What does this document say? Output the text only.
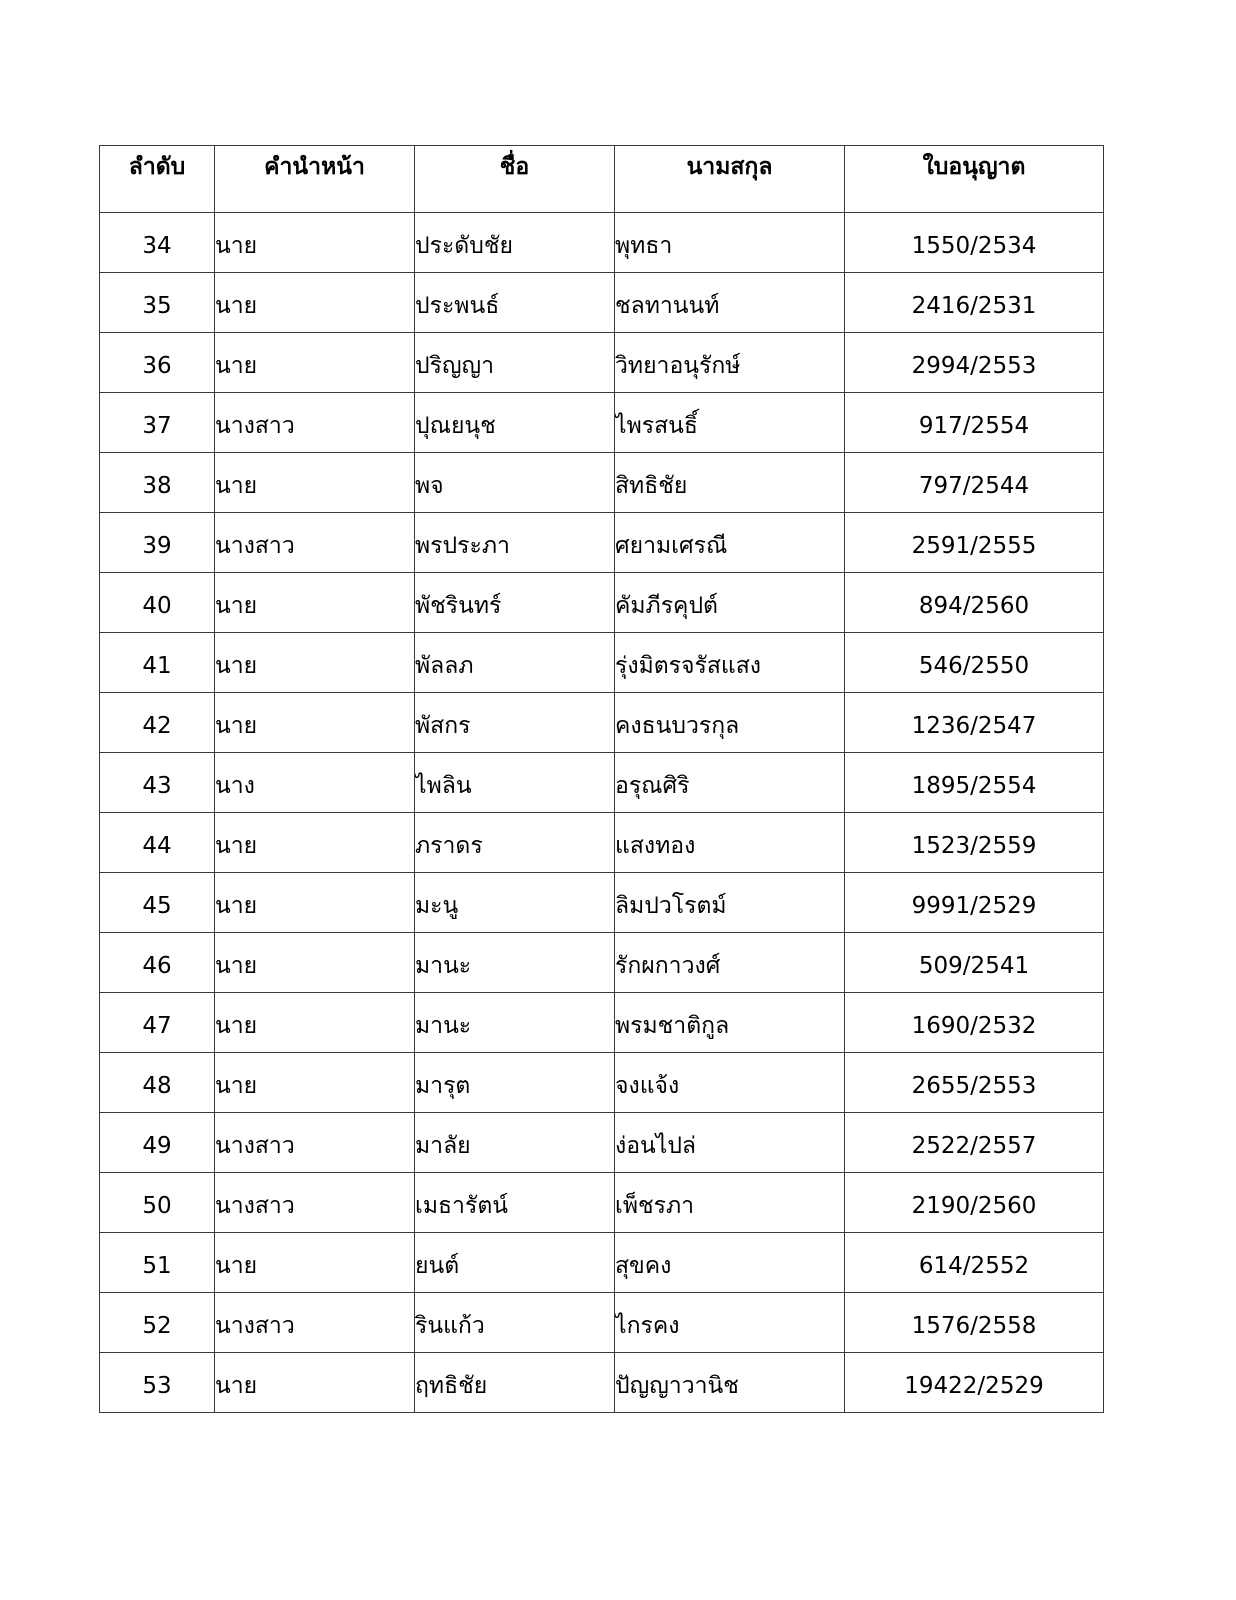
ลำดับ	คำนำหน้า	ชื่อ	นามสกุล	ใบอนุญาต
34	นาย	ประดับชัย	พุทธา	1550/2534
35	นาย	ประพนธ์	ชลทานนท์	2416/2531
36	นาย	ปริญญา	วิทยาอนุรักษ์	2994/2553
37	นางสาว	ปุณยนุช	ไพรสนธิ์	917/2554
38	นาย	พจ	สิทธิชัย	797/2544
39	นางสาว	พรประภา	ศยามเศรณี	2591/2555
40	นาย	พัชรินทร์	คัมภีรคุปต์	894/2560
41	นาย	พัลลภ	รุ่งมิตรจรัสแสง	546/2550
42	นาย	พัสกร	คงธนบวรกุล	1236/2547
43	นาง	ไพลิน	อรุณศิริ	1895/2554
44	นาย	ภราดร	แสงทอง	1523/2559
45	นาย	มะนู	ลิมปวโรตม์	9991/2529
46	นาย	มานะ	รักผกาวงศ์	509/2541
47	นาย	มานะ	พรมชาติกูล	1690/2532
48	นาย	มารุต	จงแจ้ง	2655/2553
49	นางสาว	มาลัย	ง่อนไปล่	2522/2557
50	นางสาว	เมธารัตน์	เพ็ชรภา	2190/2560
51	นาย	ยนต์	สุขคง	614/2552
52	นางสาว	รินแก้ว	ไกรคง	1576/2558
53	นาย	ฤทธิชัย	ปัญญาวานิช	19422/2529
